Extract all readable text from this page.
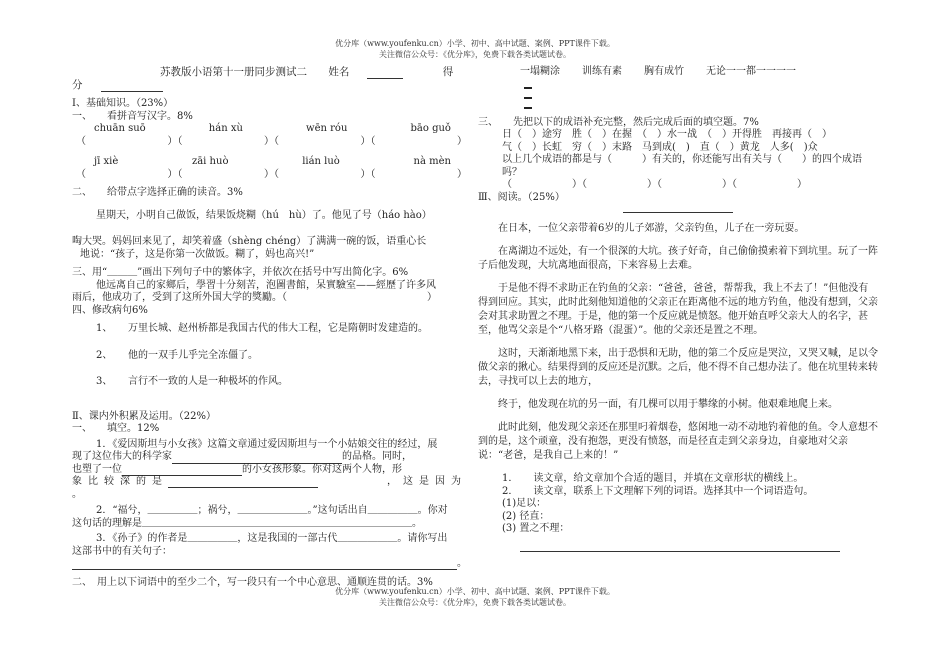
优分库（www.youfenku.cn）小学、初中、高中试题、案例、PPT课件下载。

关注微信公众号：《优分库》，免费下载各类试题试卷。

苏教版小语第十一册同步测试二 姓名	得分

Ⅰ、基础知识。（23%）

一、　　看拼音写汉字。8%

chuān suō	hán xù	wēn róu	bāo guǒ
（	）（	）（	）（	）
jī xiè	zāi huò	lián luò	nà mèn
（	）（	）（	）（	）

二、　　给带点字选择正确的读音。3%

星期天，小明自己做饭，结果饭烧糊（hú　hù）了。他见了号（háo hào）

啕大哭。妈妈回来见了，却笑着盛（shèng chéng）了满满一碗的饭，语重心长

地说：“孩子，这是你第一次做饭。糊了，妈也高兴!”

三、用“＿＿＿”画出下列句子中的繁体字，并依次在括号中写出简化字。6%

他远离自己的家鄉后，學習十分刻苦，泡圖書館，呆實驗室——經歷了许多风

雨后，他成功了，受到了这所外国大学的獎勵。（　　　　　　　　　　　　　　）

四、修改病句6%

1、 万里长城、赵州桥都是我国古代的伟大工程，它是隋朝时发建造的。

2、 他的一双手儿乎完全冻僵了。

3、 言行不一致的人是一种极坏的作风。

Ⅱ、课内外积累及运用。（22%）

一、　　填空。12%

1．《爱因斯坦与小女孩》这篇文章通过爱因斯坦与一个小姑娘交往的经过，展

现了这位伟大的科学家	的品格。同时，

也塑了一位	的小女孩形象。你对这两个人物，形

象比较深的是	，这是因为

。

2．“福兮，＿＿＿＿＿；祸兮，＿＿＿＿＿＿＿。”这句话出自＿＿＿＿＿。你对

这句话的理解是＿＿＿＿＿＿＿＿＿＿＿＿＿＿＿＿＿＿＿＿＿＿＿＿＿＿＿。

3．《孙子》的作者是＿＿＿＿＿，这是我国的一部古代＿＿＿＿＿＿。请你写出

这部书中的有关句子：

。

二、　用上以下词语中的至少二个，写一段只有一个中心意思、通顺连贯的话。3%

一塌糊涂 训练有素 胸有成竹 无论一一都一一一一

三、　　先把以下的成语补充完整，然后完成后面的填空题。7%

日（　）途穷　胜（　）在握　（　）水一战　（　）开得胜　再接再（　）

气（　）长虹　穷（　）末路　马到成(　)　直（　）黄龙　人多(　)众

以上几个成语的都是与（　　　）有关的，你还能写出有关与（　　）的四个成语吗？

（　　　　　　）（　　　　　　）（　　　　　　）（　　　　　　）

Ⅲ、阅读。（25%）

在日本，一位父亲带着6岁的儿子郊游，父亲钓鱼，儿子在一旁玩耍。

在离湖边不远处，有一个很深的大坑。孩子好奇，自己偷偷摸索着下到坑里。玩了一阵子后他发现，大坑离地面很高，下来容易上去难。

于是他不得不求助正在钓鱼的父亲：“爸爸，爸爸，帮帮我，我上不去了！”但他没有得到回应。其实，此时此刻他知道他的父亲正在距离他不远的地方钓鱼，他没有想到，父亲会对其求助置之不理。于是，他的第一个反应就是愤怒。他开始直呼父亲大人的名字，甚至，他骂父亲是个“八格牙路（混蛋）”。他的父亲还是置之不理。

这时，天渐渐地黑下来，出于恐惧和无助，他的第二个反应是哭泣，又哭又喊，足以令做父亲的揪心。结果得到的反应还是沉默。之后，他不得不自己想办法了。他在坑里转来转去，寻找可以上去的地方，

终于，他发现在坑的另一面，有几棵可以用于攀缘的小树。他艰难地爬上来。

此时此刻，他发现父亲还在那里叼着烟卷，悠闲地一动不动地钓着他的鱼。令人意想不到的是，这个顽童，没有抱怨，更没有愤怒，而是径直走到父亲身边，自豪地对父亲说：“老爸，是我自己上来的！”

1．　　读文章，给文章加个合适的题目，并填在文章形状的横线上。

2．　　读文章，联系上下文理解下列的词语。选择其中一个词语造句。

(1)足以：

(2) 径直：

(3) 置之不理：

优分库（www.youfenku.cn）小学、初中、高中试题、案例、PPT课件下载。

关注微信公众号：《优分库》，免费下载各类试题试卷。
